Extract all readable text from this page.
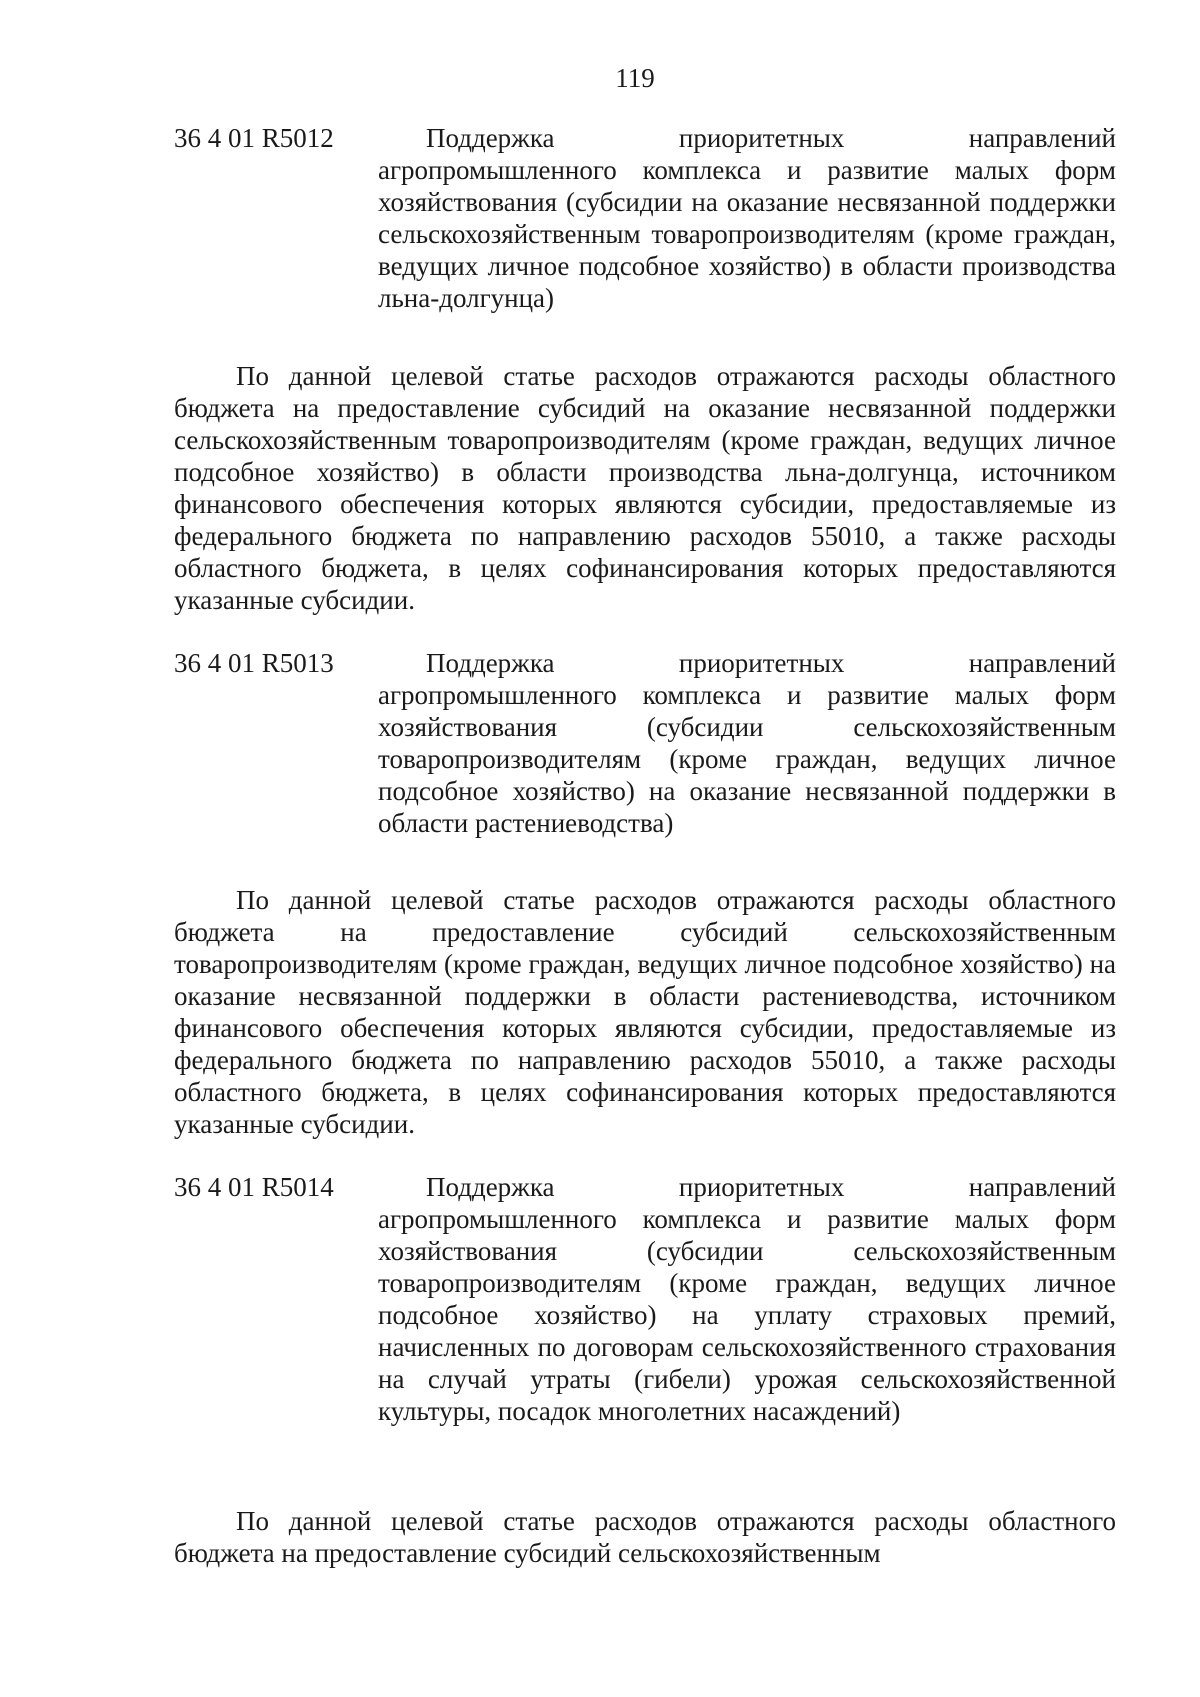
119
36 4 01 R5012	Поддержка приоритетных направлений агропромышленного комплекса и развитие малых форм хозяйствования (субсидии на оказание несвязанной поддержки сельскохозяйственным товаропроизводителям (кроме граждан, ведущих личное подсобное хозяйство) в области производства льна-долгунца)
По данной целевой статье расходов отражаются расходы областного бюджета на предоставление субсидий на оказание несвязанной поддержки сельскохозяйственным товаропроизводителям (кроме граждан, ведущих личное подсобное хозяйство) в области производства льна-долгунца, источником финансового обеспечения которых являются субсидии, предоставляемые из федерального бюджета по направлению расходов 55010, а также расходы областного бюджета, в целях софинансирования которых предоставляются указанные субсидии.
36 4 01 R5013	Поддержка приоритетных направлений агропромышленного комплекса и развитие малых форм хозяйствования (субсидии сельскохозяйственным товаропроизводителям (кроме граждан, ведущих личное подсобное хозяйство) на оказание несвязанной поддержки в области растениеводства)
По данной целевой статье расходов отражаются расходы областного бюджета на предоставление субсидий сельскохозяйственным товаропроизводителям (кроме граждан, ведущих личное подсобное хозяйство) на оказание несвязанной поддержки в области растениеводства, источником финансового обеспечения которых являются субсидии, предоставляемые из федерального бюджета по направлению расходов 55010, а также расходы областного бюджета, в целях софинансирования которых предоставляются указанные субсидии.
36 4 01 R5014	Поддержка приоритетных направлений агропромышленного комплекса и развитие малых форм хозяйствования (субсидии сельскохозяйственным товаропроизводителям (кроме граждан, ведущих личное подсобное хозяйство) на уплату страховых премий, начисленных по договорам сельскохозяйственного страхования на случай утраты (гибели) урожая сельскохозяйственной культуры, посадок многолетних насаждений)
По данной целевой статье расходов отражаются расходы областного бюджета на предоставление субсидий сельскохозяйственным
